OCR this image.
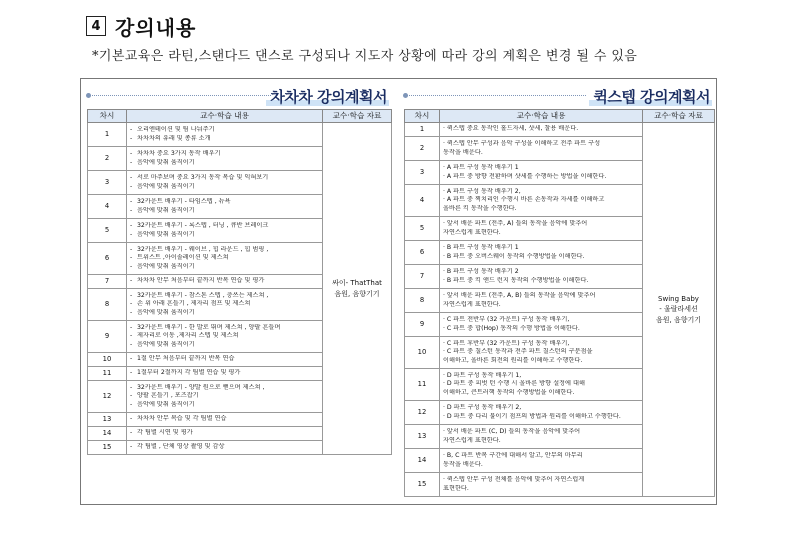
4 강의내용
*기본교육은 라틴,스탠다드 댄스로 구성되나 지도자 상황에 따라 강의 계획은 변경 될 수 있음
차차차 강의계획서
차시	교수·학습 내용	교수·학습 자료
1	- 오리엔테이션 및 팀 나눠주기
- 차차차의 유래 및 종류 소개	싸이- ThatThat
음원, 음향기기

2	- 차차차 중요 3가지 동작 배우기
- 음악에 맞춰 움직이기	

3	- 서로 마주보며 중요 3가지 동작 복습 및 익혀보기
- 음악에 맞춰 움직이기	

4	- 32카운트 배우기 - 타임스텝 , 뉴욕
- 음악에 맞춰 움직이기	

5	- 32카운트 배우기 - 록스텝 , 터닝 , 큐반 브레이크
- 음악에 맞춰 움직이기	

6	- 32카운트 배우기 - 웨이브 , 힙 라운드 , 힙 범핑 ,
- 트위스트 ,아이솔레이션 및 제스쳐
- 음악에 맞춰 움직이기	

7	- 차차차 안무 처음부터 끝까지 반복 연습 및 평가	

8	- 32카운트 배우기 - 참스톤 스텝 , 충쓰는 제스쳐 ,
- 손 위 아래 흔들기 , 제자리 점프 및 제스쳐
- 음악에 맞춰 움직이기	

9	- 32카운트 배우기 - 한 발로 뛰며 제스쳐 , 양팔 흔들며
- 제자리로 이동 ,제자리 스텝 및 제스쳐
- 음악에 맞춰 움직이기	

10	- 1절 안무 처음부터 끝까지 반복 연습	

11	- 1절부터 2절까지 각 팀별 연습 및 평가	

12	- 32카운트 배우기 - 양발 원으로 뻗으며 제스쳐 ,
- 양팔 흔들기 , 포즈잡기
- 음악에 맞춰 움직이기	

13	- 차차차 안무 복습 및 각 팀별 연습	

14	- 각 팀별 시연 및 평가	

15	- 각 팀별 , 단체 영상 촬영 및 감상	
퀵스텝 강의계획서
차시	교수·학습 내용	교수·학습 자료
1	· 퀵스텝 중요 동작인 홀드자세, 샷세, 찰용 배운다.	Swing Baby
- 울랄라세션
음원, 음향기기

2	· 퀵스텝 안무 구성과 음악 구성을 이해하고 전주 파트 구성
동작을 배운다.	

3	· A 파트 구성 동작 배우기 1
· A 파트 중 방향 전환하며 샷세를 수행하는 방법을 이해한다.	

4	· A 파트 구성 동작 배우기 2,
· A 파트 중 찍치리인 수행시 바른 손동작과 자세를 이해하고
올바른 킥 동작을 수행한다.	

5	· 앞서 배운 파트 (전주, A) 들의 동작을 음악에 맞추어
자연스럽게 표현한다.	

6	· B 파트 구성 동작 배우기 1
· B 파트 중 오버스웨이 동작의 수행방법을 이해한다.	

7	· B 파트 구성 동작 배우기 2
· B 파트 중 킥 앤드 런지 동작의 수행방법을 이해한다.	

8	· 앞서 배운 파트 (전주, A, B) 들의 동작을 음악에 맞추어
자연스럽게 표현한다.	

9	· C 파트 전반부 (32 카운트) 구성 동작 배우기,
· C 파트 중 합(Hop) 동작의 수행 방법을 이해한다.	

10	· C 파트 후반부 (32 카운트) 구성 동작 배우기,
· C 파트 중 칠스턴 동작과 전주 파트 칠스턴의 구분점을
이해하고, 올바른 회전의 원리를 이해하고 수행한다.	

11	· D 파트 구성 동작 배우기 1,
· D 파트 중 피벗 턴 수행 시 올바른 방향 설정에 대해
이해하고, 큰트러핵 동작의 수행방법을 이해한다.	

12	· D 파트 구성 동작 배우기 2,
· D 파트 중 다리 불이기 점프의 방법과 원리를 이해하고 수행한다.	

13	· 앞서 배운 파트 (C, D) 들의 동작을 음악에 맞추어
자연스럽게 표현한다.	

14	· B, C 파트 반복 구간에 대해서 알고, 안무의 마무리
동작을 배운다.	

15	· 퀵스텝 안무 구성 전체를 음악에 맞추어 자연스럽게
표현한다.	
